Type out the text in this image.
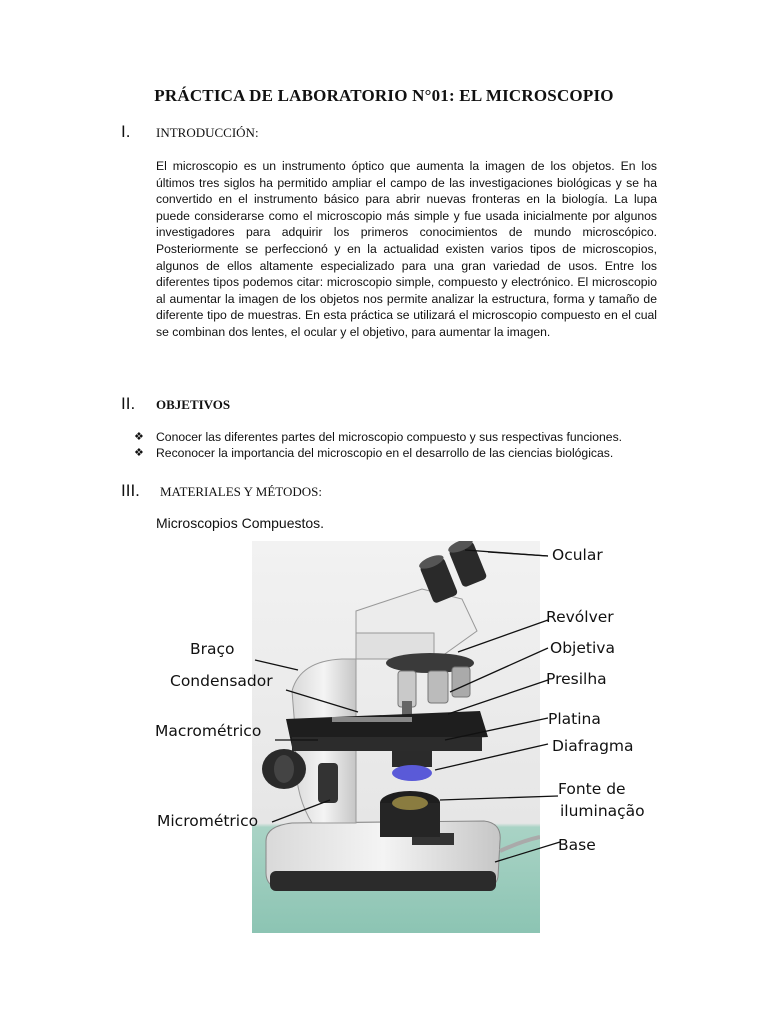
PRÁCTICA DE LABORATORIO N°01: EL MICROSCOPIO
I. INTRODUCCIÓN:

El microscopio es un instrumento óptico que aumenta la imagen de los objetos. En los últimos tres siglos ha permitido ampliar el campo de las investigaciones biológicas y se ha convertido en el instrumento básico para abrir nuevas fronteras en la biología. La lupa puede considerarse como el microscopio más simple y fue usada inicialmente por algunos investigadores para adquirir los primeros conocimientos de mundo microscópico. Posteriormente se perfeccionó y en la actualidad existen varios tipos de microscopios, algunos de ellos altamente especializado para una gran variedad de usos. Entre los diferentes tipos podemos citar: microscopio simple, compuesto y electrónico. El microscopio al aumentar la imagen de los objetos nos permite analizar la estructura, forma y tamaño de diferente tipo de muestras. En esta práctica se utilizará el microscopio compuesto en el cual se combinan dos lentes, el ocular y el objetivo, para aumentar la imagen.

II. OBJETIVOS
❖ Conocer las diferentes partes del microscopio compuesto y sus respectivas funciones.
❖ Reconocer la importancia del microscopio en el desarrollo de las ciencias biológicas.
III. MATERIALES Y MÉTODOS:
Microscopios Compuestos.
Ocular
Revólver
Objetiva
Presilha
Platina
Diafragma
Fonte de
iluminação
Base
Braço
Condensador
Macrométrico
Micrométrico
